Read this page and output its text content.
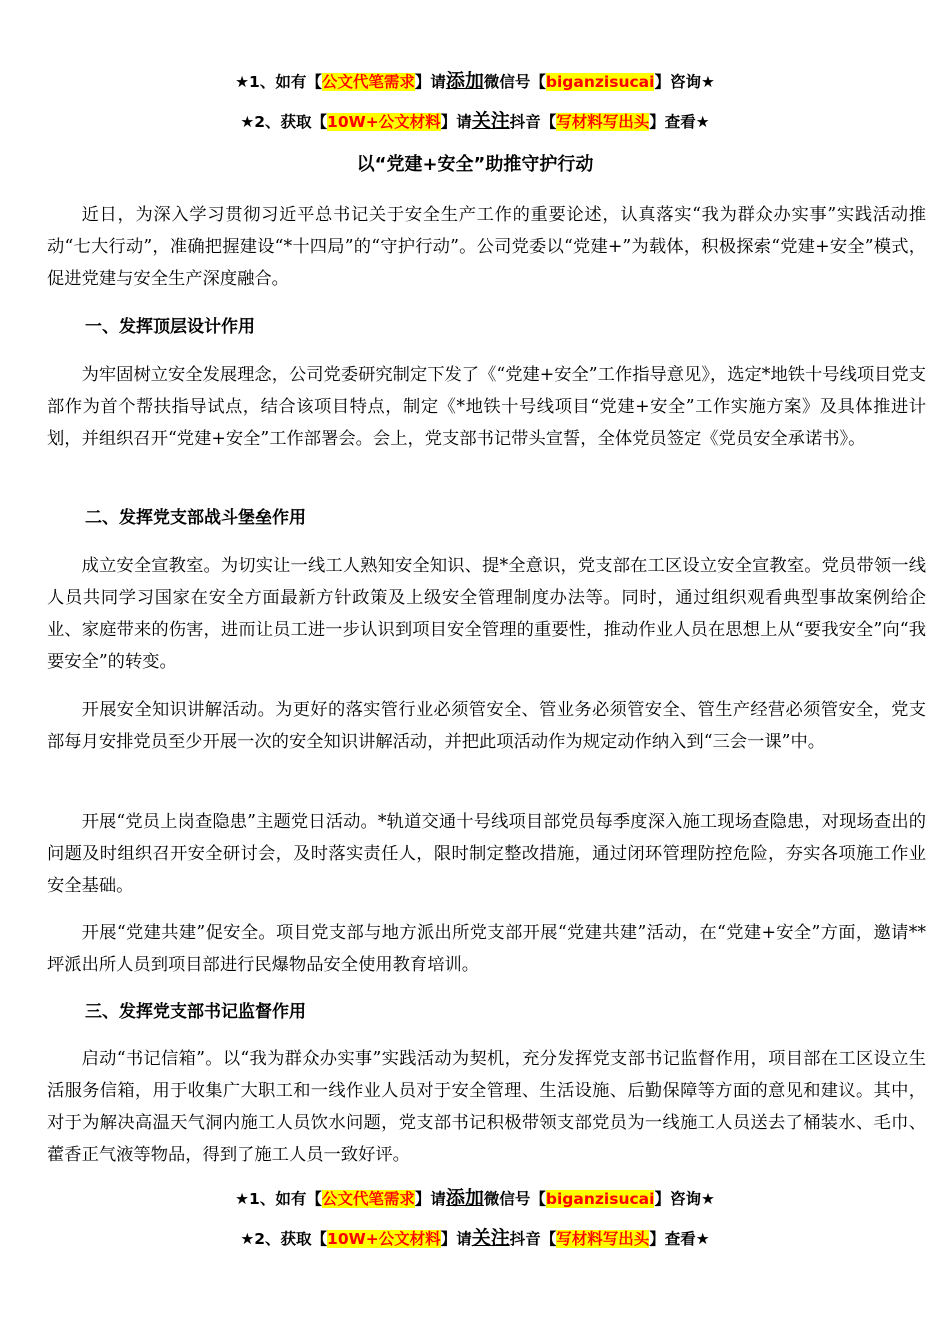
★1、如有【公文代笔需求】请添加微信号【biganzisucai】咨询★
★2、获取【10W+公文材料】请关注抖音【写材料写出头】查看★
以“党建+安全”助推守护行动

近日，为深入学习贯彻习近平总书记关于安全生产工作的重要论述，认真落实“我为群众办实事”实践活动推动“七大行动”，准确把握建设“*十四局”的“守护行动”。公司党委以“党建+”为载体，积极探索“党建+安全”模式，促进党建与安全生产深度融合。

一、发挥顶层设计作用

为牢固树立安全发展理念，公司党委研究制定下发了《“党建+安全”工作指导意见》，选定*地铁十号线项目党支部作为首个帮扶指导试点，结合该项目特点，制定《*地铁十号线项目“党建+安全”工作实施方案》及具体推进计划，并组织召开“党建+安全”工作部署会。会上，党支部书记带头宣誓，全体党员签定《党员安全承诺书》。

二、发挥党支部战斗堡垒作用

成立安全宣教室。为切实让一线工人熟知安全知识、提*全意识，党支部在工区设立安全宣教室。党员带领一线人员共同学习国家在安全方面最新方针政策及上级安全管理制度办法等。同时，通过组织观看典型事故案例给企业、家庭带来的伤害，进而让员工进一步认识到项目安全管理的重要性，推动作业人员在思想上从“要我安全”向“我要安全”的转变。

开展安全知识讲解活动。为更好的落实管行业必须管安全、管业务必须管安全、管生产经营必须管安全，党支部每月安排党员至少开展一次的安全知识讲解活动，并把此项活动作为规定动作纳入到“三会一课”中。

开展“党员上岗查隐患”主题党日活动。*轨道交通十号线项目部党员每季度深入施工现场查隐患，对现场查出的问题及时组织召开安全研讨会，及时落实责任人，限时制定整改措施，通过闭环管理防控危险，夯实各项施工作业安全基础。

开展“党建共建”促安全。项目党支部与地方派出所党支部开展“党建共建”活动，在“党建+安全”方面，邀请**坪派出所人员到项目部进行民爆物品安全使用教育培训。

三、发挥党支部书记监督作用

启动“书记信箱”。以“我为群众办实事”实践活动为契机，充分发挥党支部书记监督作用，项目部在工区设立生活服务信箱，用于收集广大职工和一线作业人员对于安全管理、生活设施、后勤保障等方面的意见和建议。其中，对于为解决高温天气洞内施工人员饮水问题，党支部书记积极带领支部党员为一线施工人员送去了桶装水、毛巾、藿香正气液等物品，得到了施工人员一致好评。

★1、如有【公文代笔需求】请添加微信号【biganzisucai】咨询★
★2、获取【10W+公文材料】请关注抖音【写材料写出头】查看★
